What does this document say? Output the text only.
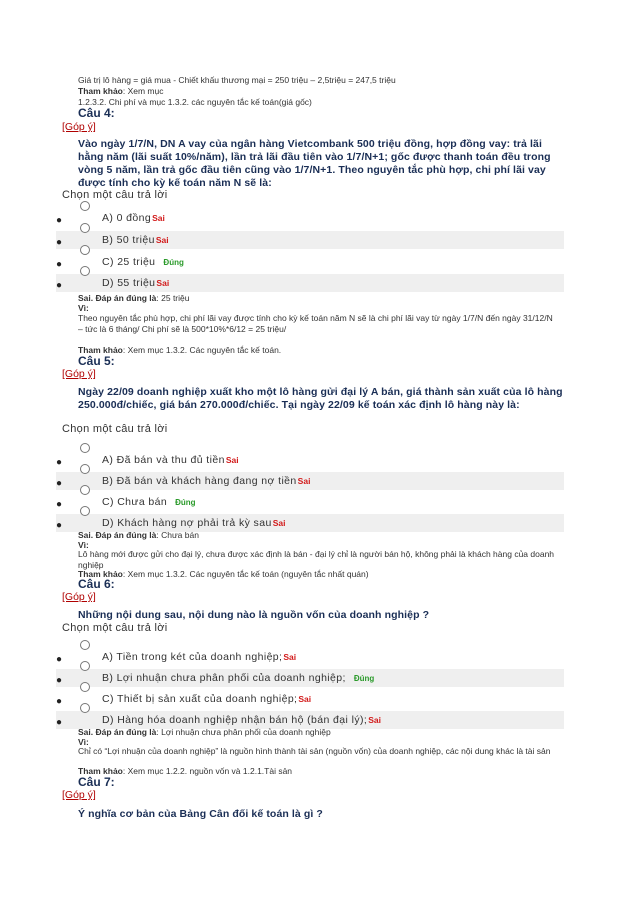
Giá trị lô hàng = giá mua - Chiết khấu thương mại = 250 triệu – 2,5triệu = 247,5 triệu
Tham khảo: Xem mục
1.2.3.2. Chi phí và mục 1.3.2. các nguyên tắc kế toán(giá gốc)
Câu 4:
[Góp ý]
Vào ngày 1/7/N, DN A vay của ngân hàng Vietcombank 500 triệu đồng, hợp đồng vay: trả lãi hằng năm (lãi suất 10%/năm), lần trả lãi đầu tiên vào 1/7/N+1; gốc được thanh toán đều trong vòng 5 năm, lần trả gốc đầu tiên cũng vào 1/7/N+1. Theo nguyên tắc phù hợp, chi phí lãi vay được tính cho kỳ kế toán năm N sẽ là:
Chọn một câu trả lời
●	A) 0 đồngSai
●	B) 50 triệuSai
●	C) 25 triệu Đúng
●	D) 55 triệuSai
Sai. Đáp án đúng là: 25 triệu
Vì:
Theo nguyên tắc phù hợp, chi phí lãi vay được tính cho kỳ kế toán năm N sẽ là chi phí lãi vay từ ngày 1/7/N đến ngày 31/12/N – tức là 6 tháng/ Chi phí sẽ là 500*10%*6/12 = 25 triệu/
Tham khảo: Xem mục 1.3.2. Các nguyên tắc kế toán.
Câu 5:
[Góp ý]
Ngày 22/09 doanh nghiệp xuất kho một lô hàng gửi đại lý A bán, giá thành sản xuất của lô hàng 250.000đ/chiếc, giá bán 270.000đ/chiếc. Tại ngày 22/09 kế toán xác định lô hàng này là:
Chọn một câu trả lời
●	A) Đã bán và thu đủ tiềnSai
●	B) Đã bán và khách hàng đang nợ tiềnSai
●	C) Chưa bán Đúng
●	D) Khách hàng nợ phải trả kỳ sauSai
Sai. Đáp án đúng là: Chưa bán
Vì:
Lô hàng mới được gửi cho đại lý, chưa được xác định là bán - đại lý chỉ là người bán hộ, không phải là khách hàng của doanh nghiệp
Tham khảo: Xem mục 1.3.2. Các nguyên tắc kế toán (nguyên tắc nhất quán)
Câu 6:
[Góp ý]
Những nội dung sau, nội dung nào là nguồn vốn của doanh nghiệp ?
Chọn một câu trả lời
●	A) Tiền trong két của doanh nghiệp;Sai
●	B) Lợi nhuận chưa phân phối của doanh nghiệp; Đúng
●	C) Thiết bị sản xuất của doanh nghiệp;Sai
●	D) Hàng hóa doanh nghiệp nhận bán hộ (bán đại lý);Sai
Sai. Đáp án đúng là: Lợi nhuận chưa phân phối của doanh nghiệp
Vì:
Chỉ có “Lợi nhuận của doanh nghiệp” là nguồn hình thành tài sản (nguồn vốn) của doanh nghiệp, các nội dung khác là tài sản
Tham khảo: Xem mục 1.2.2. nguồn vốn và 1.2.1.Tài sản
Câu 7:
[Góp ý]
Ý nghĩa cơ bản của Bảng Cân đối kế toán là gì ?
